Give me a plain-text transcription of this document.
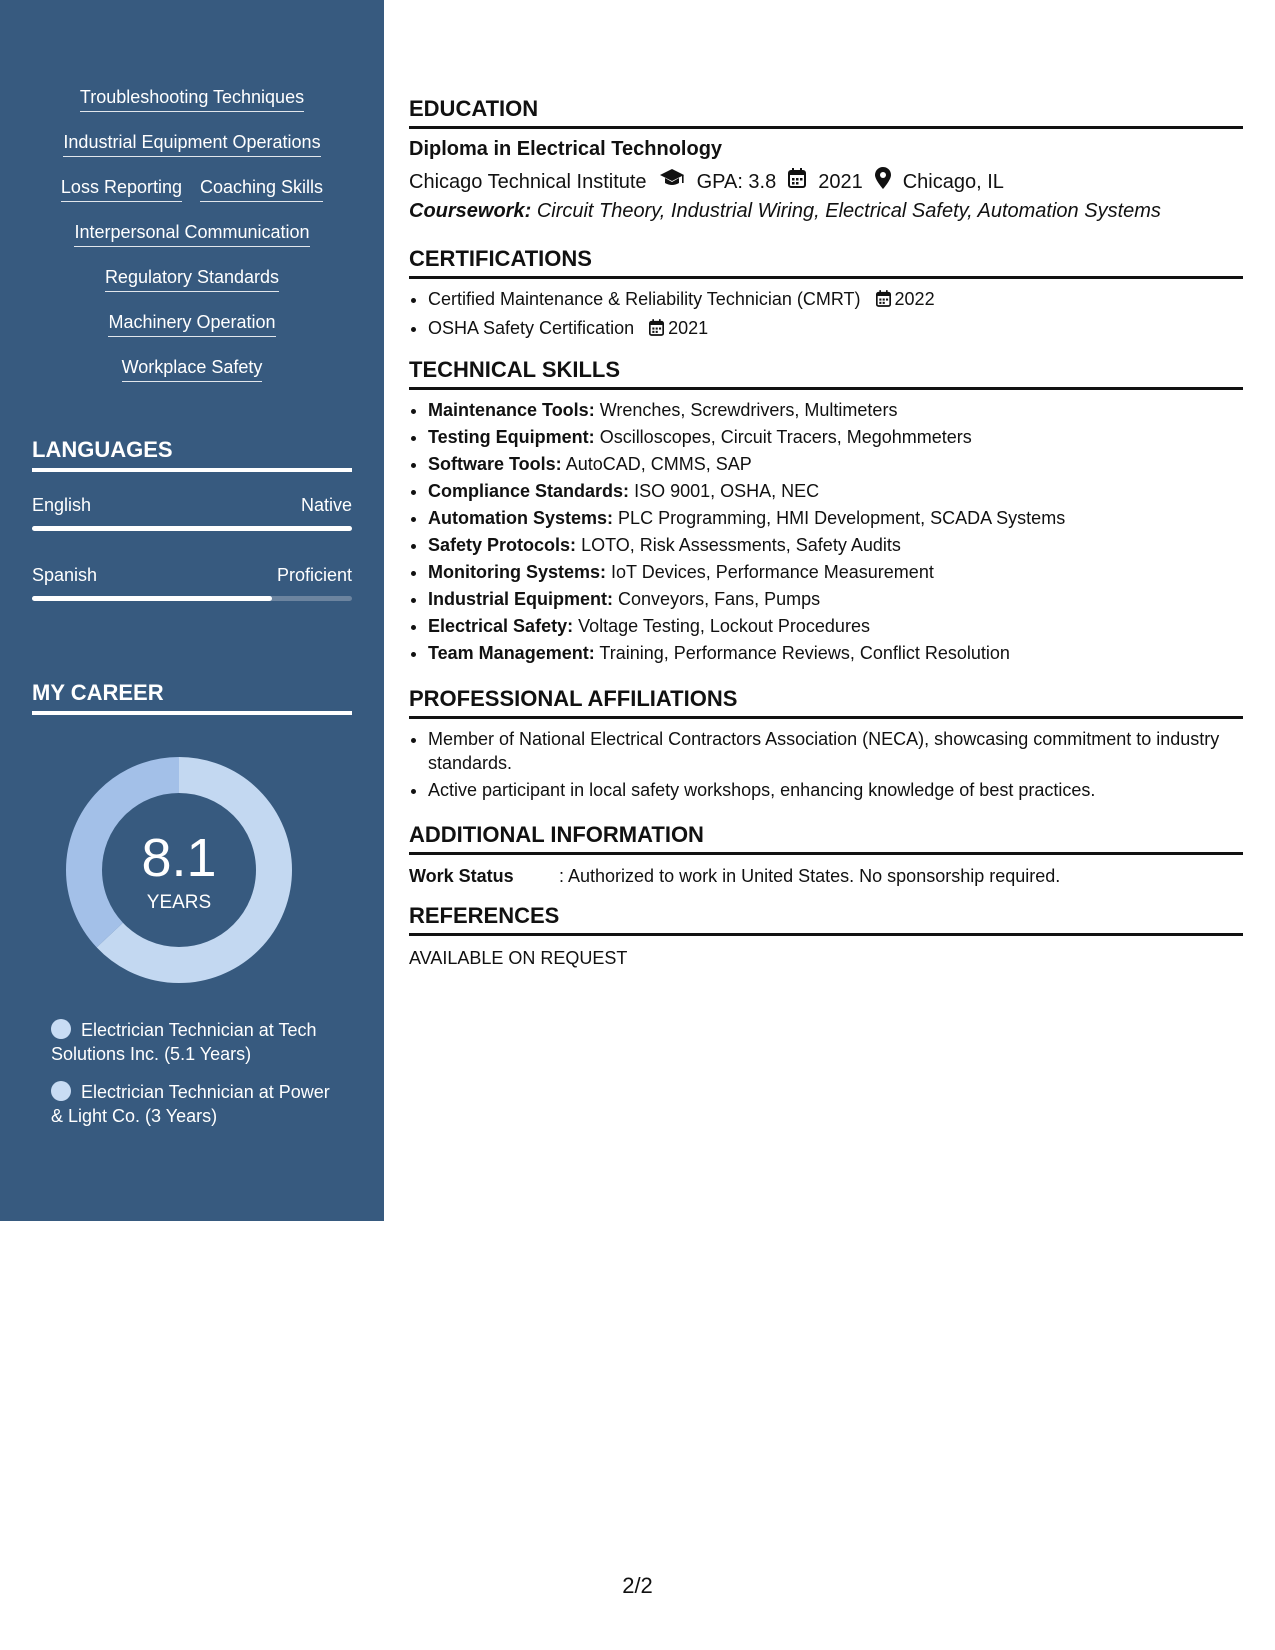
Troubleshooting Techniques
Industrial Equipment Operations
Loss Reporting Coaching Skills
Interpersonal Communication
Regulatory Standards
Machinery Operation
Workplace Safety
LANGUAGES
English	Native
Spanish	Proficient
MY CAREER
8.1
YEARS
Electrician Technician at Tech Solutions Inc. (5.1 Years)
Electrician Technician at Power & Light Co. (3 Years)
EDUCATION
Diploma in Electrical Technology
Chicago Technical Institute	GPA: 3.8 2021 Chicago, IL
Coursework: Circuit Theory, Industrial Wiring, Electrical Safety, Automation Systems
CERTIFICATIONS
• Certified Maintenance & Reliability Technician (CMRT) 2022
• OSHA Safety Certification 2021
TECHNICAL SKILLS
• Maintenance Tools: Wrenches, Screwdrivers, Multimeters
• Testing Equipment: Oscilloscopes, Circuit Tracers, Megohmmeters
• Software Tools: AutoCAD, CMMS, SAP
• Compliance Standards: ISO 9001, OSHA, NEC
• Automation Systems: PLC Programming, HMI Development, SCADA Systems
• Safety Protocols: LOTO, Risk Assessments, Safety Audits
• Monitoring Systems: IoT Devices, Performance Measurement
• Industrial Equipment: Conveyors, Fans, Pumps
• Electrical Safety: Voltage Testing, Lockout Procedures
• Team Management: Training, Performance Reviews, Conflict Resolution
PROFESSIONAL AFFILIATIONS
• Member of National Electrical Contractors Association (NECA), showcasing commitment to industry standards.
• Active participant in local safety workshops, enhancing knowledge of best practices.
ADDITIONAL INFORMATION
Work Status	: Authorized to work in United States. No sponsorship required.
REFERENCES
AVAILABLE ON REQUEST
2/2
